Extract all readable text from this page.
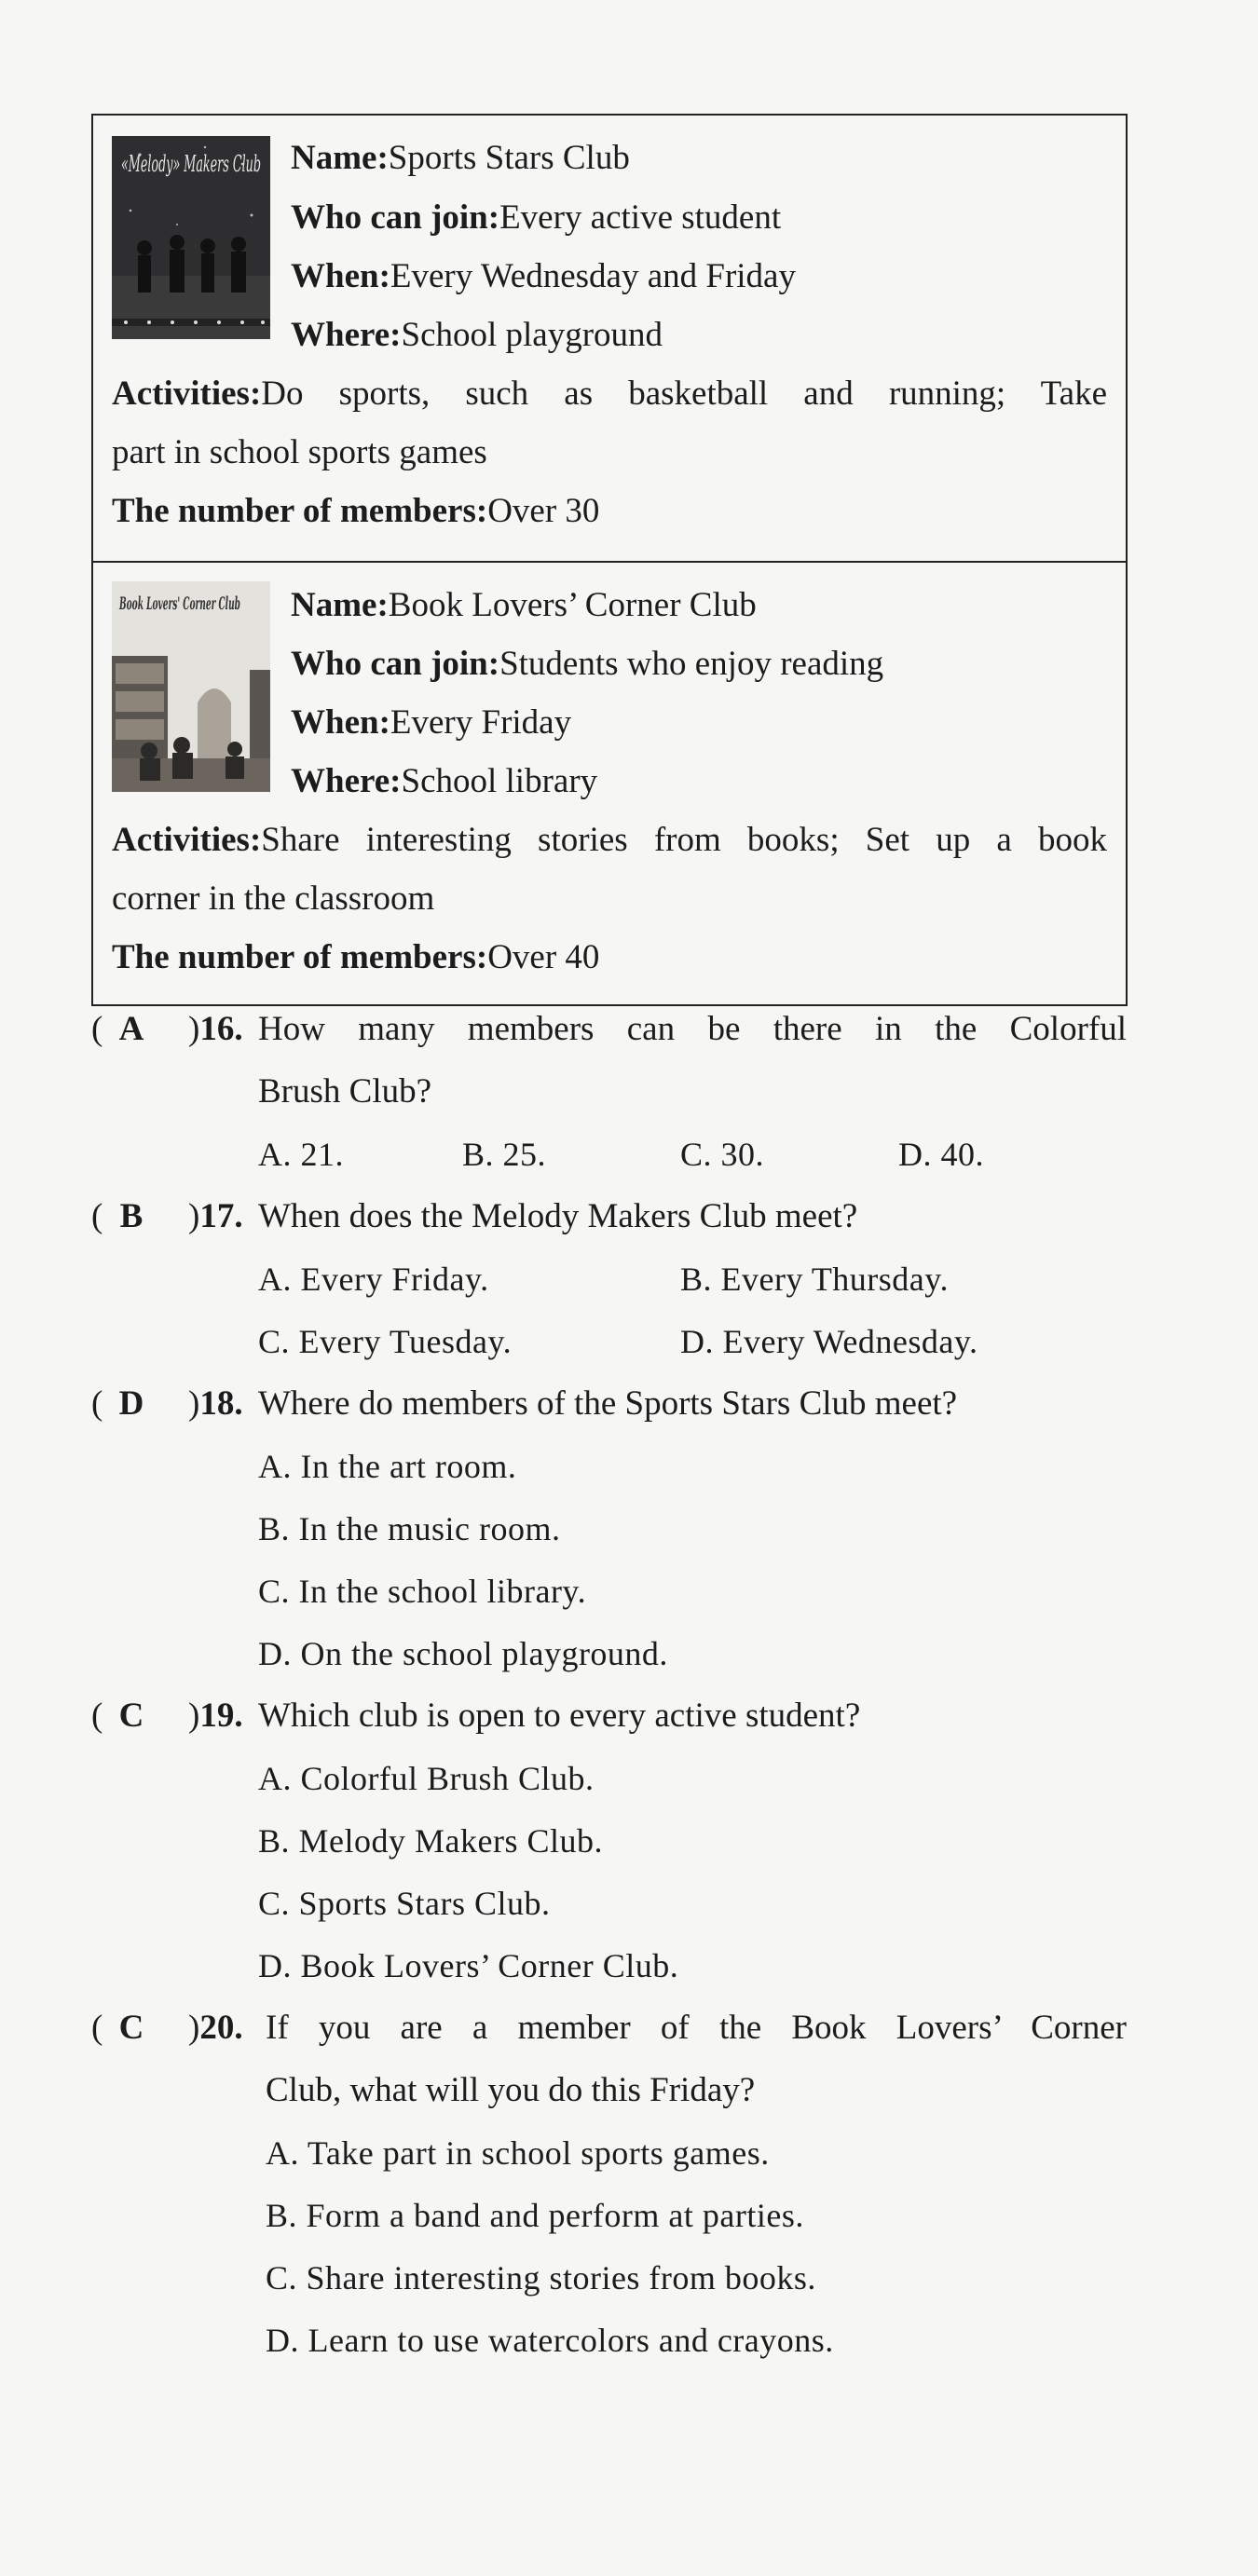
«Melody» Makers Club Name:Sports Stars Club
Who can join:Every active student
When:Every Wednesday and Friday
Where:School playground
Activities:Do sports, such as basketball and running; Take
part in school sports games
The number of members:Over 30
Book Lovers' Corner Club Name:Book Lovers’ Corner Club
Who can join:Students who enjoy reading
When:Every Friday
Where:School library
Activities:Share interesting stories from books; Set up a book
corner in the classroom
The number of members:Over 40
( A	)16. How many members can be there in the Colorful
Brush Club?
A. 21.	B. 25.	C. 30.	D. 40.
( B	)17. When does the Melody Makers Club meet?
A. Every Friday.	B. Every Thursday.
C. Every Tuesday.	D. Every Wednesday.
( D	)18. Where do members of the Sports Stars Club meet?
A. In the art room.
B. In the music room.
C. In the school library.
D. On the school playground.
( C	)19. Which club is open to every active student?
A. Colorful Brush Club.
B. Melody Makers Club.
C. Sports Stars Club.
D. Book Lovers’ Corner Club.
( C	)20. If you are a member of the Book Lovers’ Corner
Club, what will you do this Friday?
A. Take part in school sports games.
B. Form a band and perform at parties.
C. Share interesting stories from books.
D. Learn to use watercolors and crayons.
